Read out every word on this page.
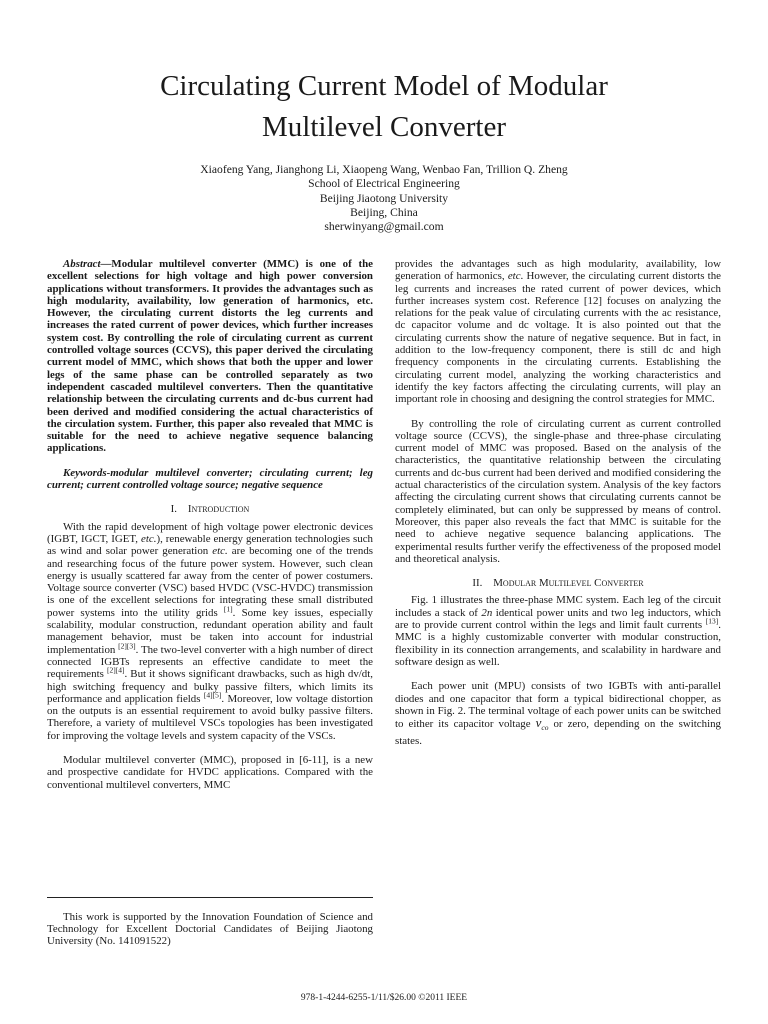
Circulating Current Model of Modular
Multilevel Converter
Xiaofeng Yang, Jianghong Li, Xiaopeng Wang, Wenbao Fan, Trillion Q. Zheng
School of Electrical Engineering
Beijing Jiaotong University
Beijing, China
sherwinyang@gmail.com

Abstract—Modular multilevel converter (MMC) is one of the excellent selections for high voltage and high power conversion applications without transformers. It provides the advantages such as high modularity, availability, low generation of harmonics, etc. However, the circulating current distorts the leg currents and increases the rated current of power devices, which further increases system cost. By controlling the role of circulating current as current controlled voltage sources (CCVS), this paper derived the circulating current model of MMC, which shows that both the upper and lower legs of the same phase can be controlled separately as two independent cascaded multilevel converters. Then the quantitative relationship between the circulating currents and dc-bus current had been derived and modified considering the actual characteristics of the circulation system. Further, this paper also revealed that MMC is suitable for the need to achieve negative sequence balancing applications.

Keywords-modular multilevel converter; circulating current; leg current; current controlled voltage source; negative sequence

I. Introduction

With the rapid development of high voltage power electronic devices (IGBT, IGCT, IGET, etc.), renewable energy generation technologies such as wind and solar power generation etc. are becoming one of the trends and researching focus of the future power system. However, such clean energy is usually scattered far away from the center of power costumers. Voltage source converter (VSC) based HVDC (VSC-HVDC) transmission is one of the excellent selections for integrating these small distributed power systems into the utility grids [1]. Some key issues, especially scalability, modular construction, redundant operation ability and fault management behavior, must be taken into account for industrial implementation [2][3]. The two-level converter with a high number of direct connected IGBTs represents an effective candidate to meet the requirements [2][4]. But it shows significant drawbacks, such as high dv/dt, high switching frequency and bulky passive filters, which limits its performance and application fields [4][5]. Moreover, low voltage distortion on the outputs is an essential requirement to avoid bulky passive filters. Therefore, a variety of multilevel VSCs topologies has been investigated for improving the voltage levels and system capacity of the VSCs.

Modular multilevel converter (MMC), proposed in [6-11], is a new and prospective candidate for HVDC applications. Compared with the conventional multilevel converters, MMC

provides the advantages such as high modularity, availability, low generation of harmonics, etc. However, the circulating current distorts the leg currents and increases the rated current of power devices, which further increases system cost. Reference [12] focuses on analyzing the relations for the peak value of circulating currents with the ac resistance, dc capacitor volume and dc voltage. It is also pointed out that the circulating currents show the nature of negative sequence. But in fact, in addition to the low-frequency component, there is still dc and high frequency components in the circulating currents. Establishing the circulating current model, analyzing the working characteristics and identify the key factors affecting the circulating currents, will play an important role in choosing and designing the control strategies for MMC.

By controlling the role of circulating current as current controlled voltage source (CCVS), the single-phase and three-phase circulating current model of MMC was proposed. Based on the analysis of the characteristics, the quantitative relationship between the circulating currents and dc-bus current had been derived and modified considering the actual characteristics of the circulation system. Analysis of the key factors affecting the circulating current shows that circulating currents cannot be completely eliminated, but can only be suppressed by means of control. Moreover, this paper also reveals the fact that MMC is suitable for the need to achieve negative sequence balancing applications. The experimental results further verify the effectiveness of the proposed model and theoretical analysis.

II. Modular Multilevel Converter

Fig. 1 illustrates the three-phase MMC system. Each leg of the circuit includes a stack of 2n identical power units and two leg inductors, which are to provide current control within the legs and limit fault currents [13]. MMC is a highly customizable converter with modular construction, flexibility in its connection arrangements, and scalability in hardware and software design as well.

Each power unit (MPU) consists of two IGBTs with anti-parallel diodes and one capacitor that form a typical bidirectional chopper, as shown in Fig. 2. The terminal voltage of each power units can be switched to either its capacitor voltage $v_{co}$ or zero, depending on the switching states.

This work is supported by the Innovation Foundation of Science and Technology for Excellent Doctorial Candidates of Beijing Jiaotong University (No. 141091522)

978-1-4244-6255-1/11/$26.00 ©2011 IEEE
